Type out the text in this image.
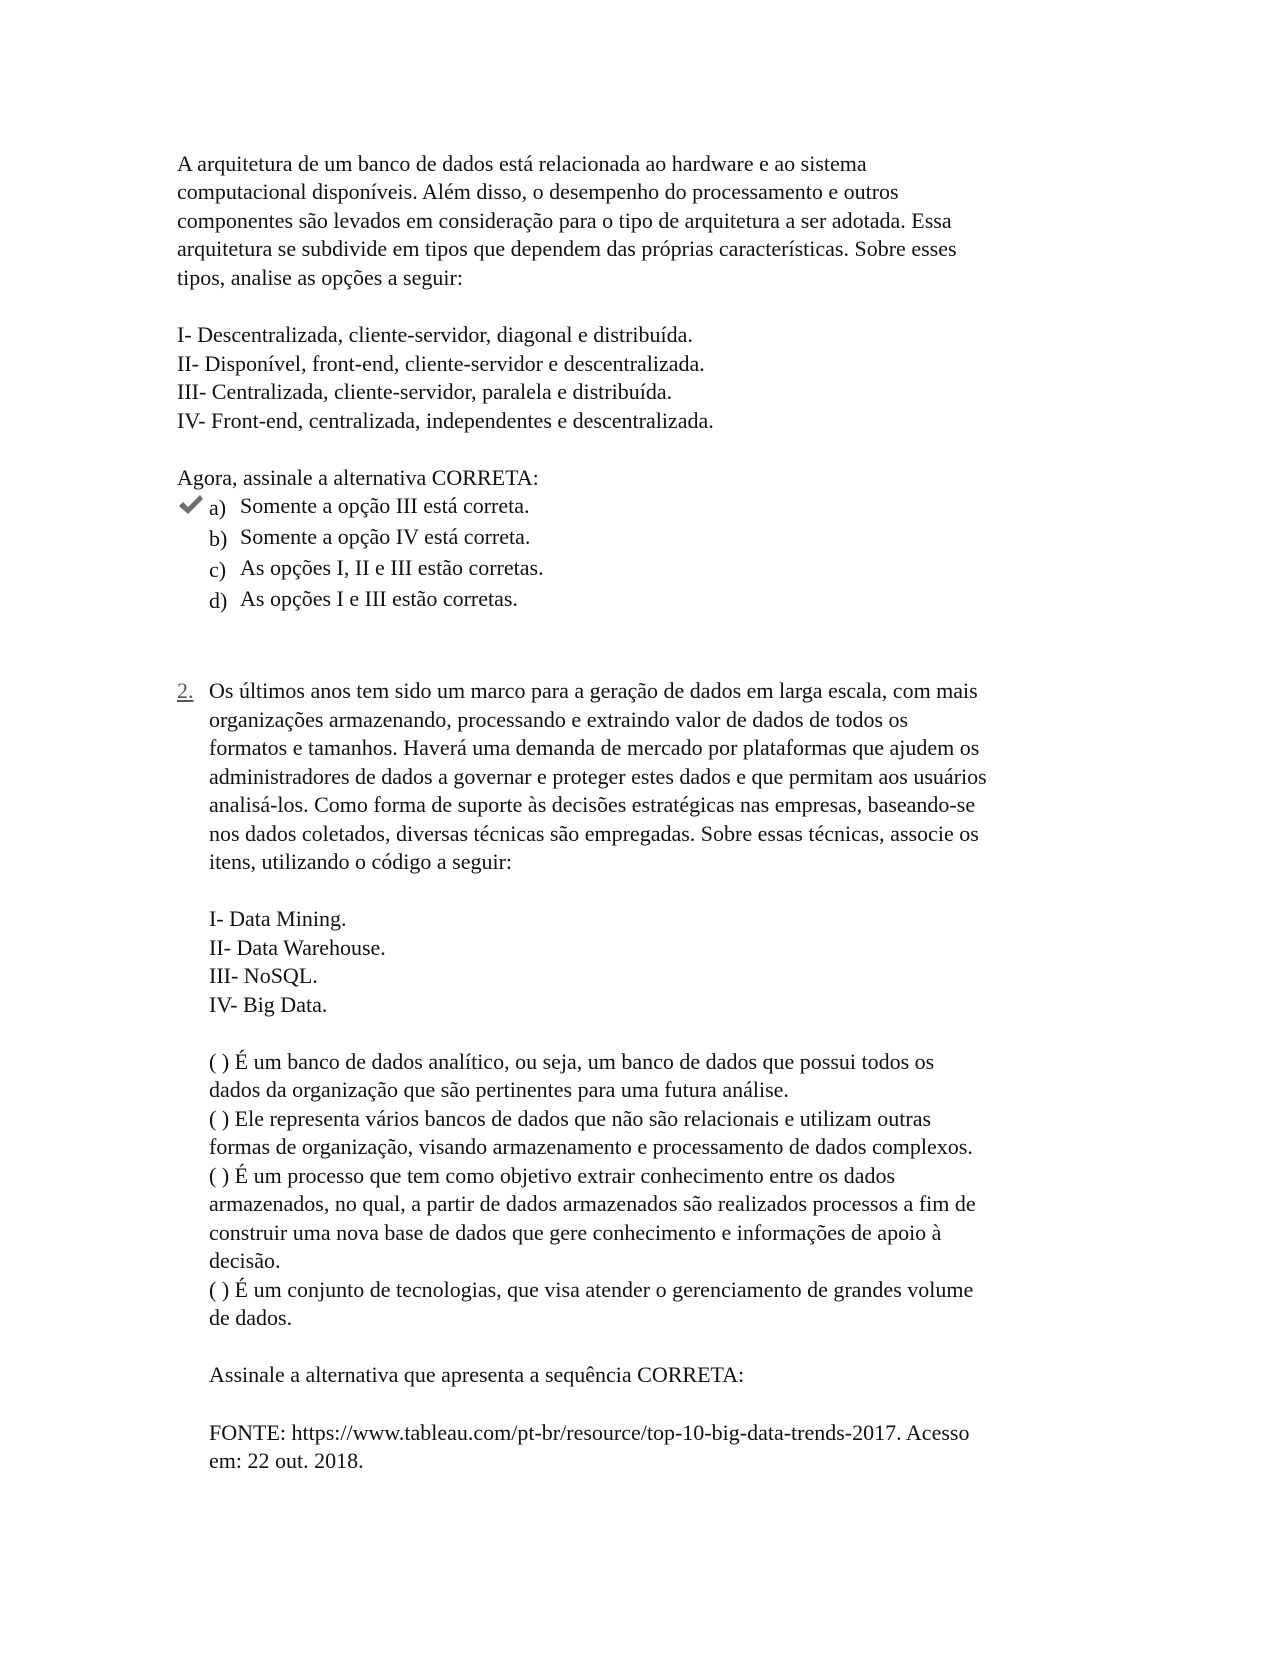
A arquitetura de um banco de dados está relacionada ao hardware e ao sistema
computacional disponíveis. Além disso, o desempenho do processamento e outros
componentes são levados em consideração para o tipo de arquitetura a ser adotada. Essa
arquitetura se subdivide em tipos que dependem das próprias características. Sobre esses
tipos, analise as opções a seguir:
I- Descentralizada, cliente-servidor, diagonal e distribuída.
II- Disponível, front-end, cliente-servidor e descentralizada.
III- Centralizada, cliente-servidor, paralela e distribuída.
IV- Front-end, centralizada, independentes e descentralizada.
Agora, assinale a alternativa CORRETA:
a) Somente a opção III está correta.
b) Somente a opção IV está correta.
c) As opções I, II e III estão corretas.
d) As opções I e III estão corretas.
2. Os últimos anos tem sido um marco para a geração de dados em larga escala, com mais
organizações armazenando, processando e extraindo valor de dados de todos os
formatos e tamanhos. Haverá uma demanda de mercado por plataformas que ajudem os
administradores de dados a governar e proteger estes dados e que permitam aos usuários
analisá-los. Como forma de suporte às decisões estratégicas nas empresas, baseando-se
nos dados coletados, diversas técnicas são empregadas. Sobre essas técnicas, associe os
itens, utilizando o código a seguir:
I- Data Mining.
II- Data Warehouse.
III- NoSQL.
IV- Big Data.
( ) É um banco de dados analítico, ou seja, um banco de dados que possui todos os
dados da organização que são pertinentes para uma futura análise.
( ) Ele representa vários bancos de dados que não são relacionais e utilizam outras
formas de organização, visando armazenamento e processamento de dados complexos.
( ) É um processo que tem como objetivo extrair conhecimento entre os dados
armazenados, no qual, a partir de dados armazenados são realizados processos a fim de
construir uma nova base de dados que gere conhecimento e informações de apoio à
decisão.
( ) É um conjunto de tecnologias, que visa atender o gerenciamento de grandes volume
de dados.
Assinale a alternativa que apresenta a sequência CORRETA:
FONTE: https://www.tableau.com/pt-br/resource/top-10-big-data-trends-2017. Acesso
em: 22 out. 2018.
